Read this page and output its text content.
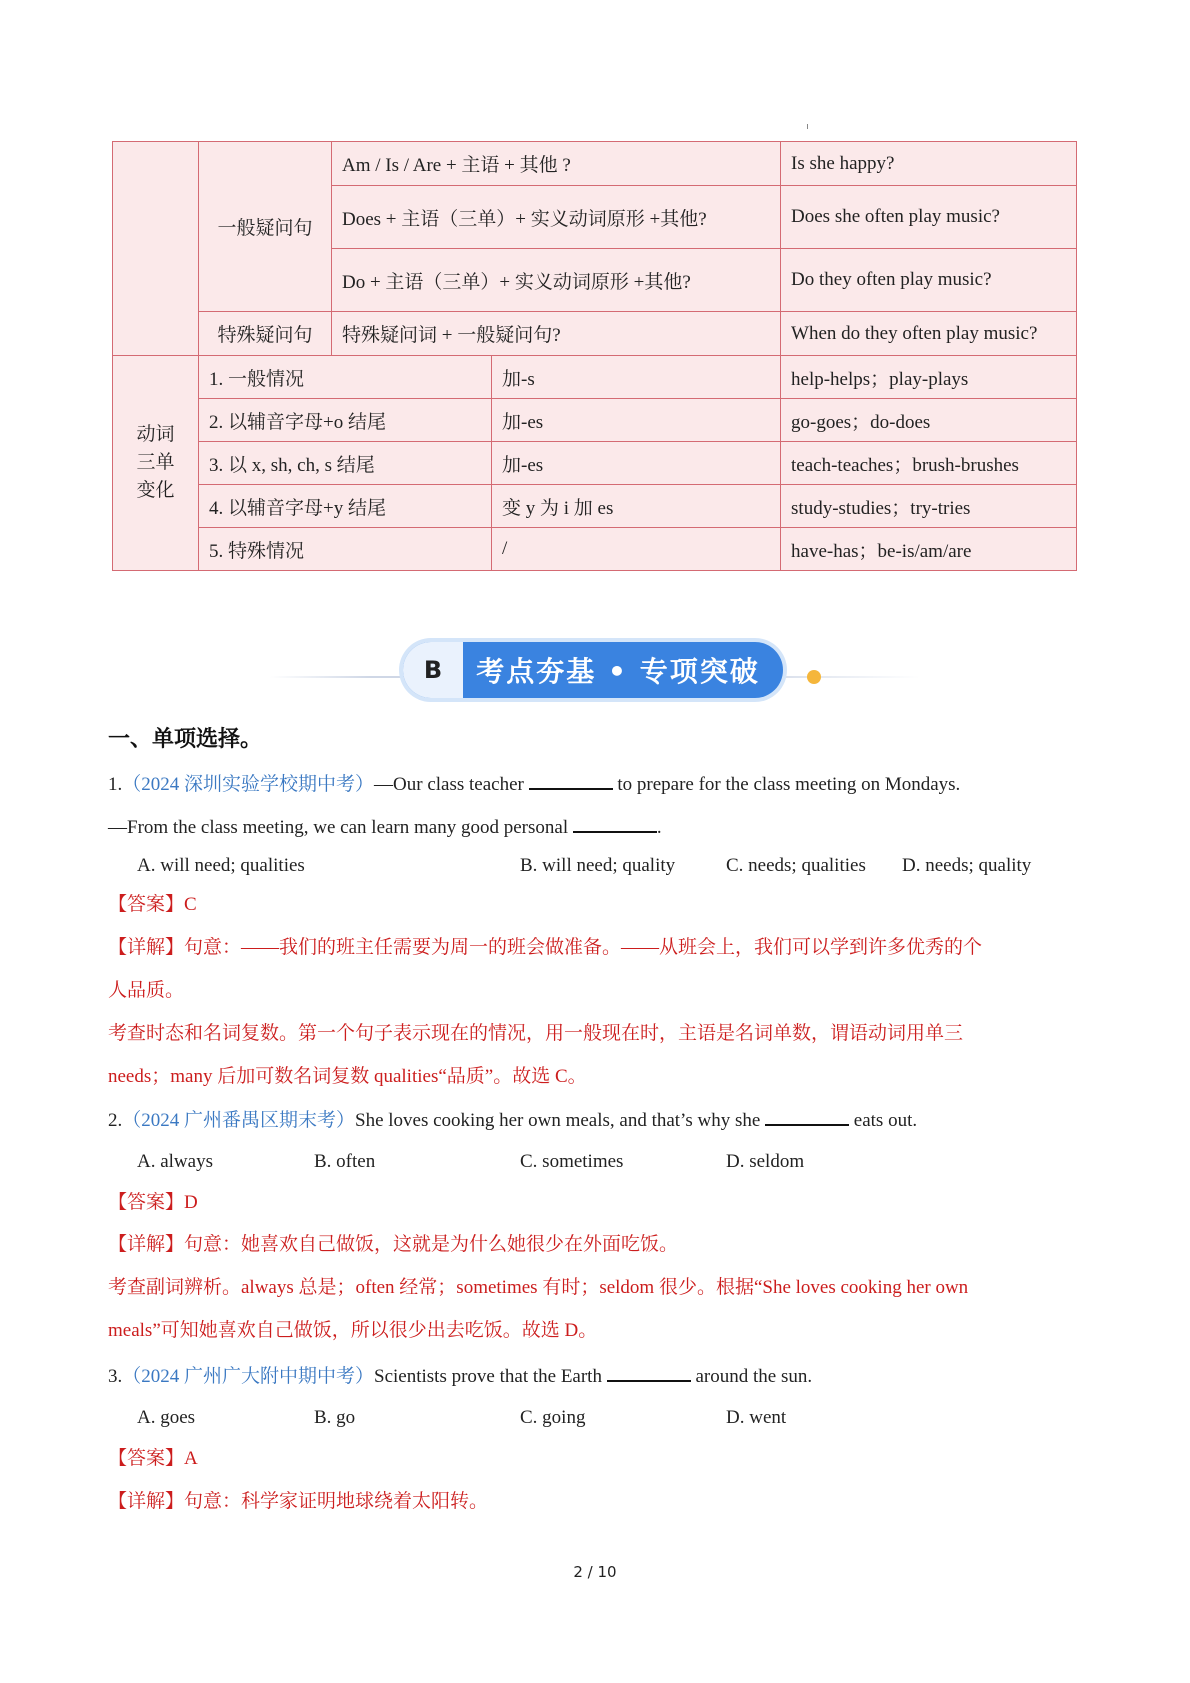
	一般疑问句	Am / Is / Are + 主语 + 其他 ?		Is she happy?
		Does + 主语（三单）+ 实义动词原形 +其他?		Does she often play music?
		Do + 主语（三单）+ 实义动词原形 +其他?		Do they often play music?
	特殊疑问句	特殊疑问词 + 一般疑问句?		When do they often play music?
动词三单变化	1. 一般情况		加-s	help-helps；play-plays
	2. 以辅音字母+o 结尾		加-es	go-goes；do-does
	3. 以 x, sh, ch, s 结尾		加-es	teach-teaches；brush-brushes
	4. 以辅音字母+y 结尾		变 y 为 i 加 es	study-studies；try-tries
	5. 特殊情况		/	have-has；be-is/am/are
B	考点夯基 • 专项突破
一、单项选择。
1.（2024 深圳实验学校期中考）—Our class teacher	to prepare for the class meeting on Mondays.
—From the class meeting, we can learn many good personal	.
A. will need; qualities	B. will need; quality	C. needs; qualities D. needs; quality
【答案】C
【详解】句意：——我们的班主任需要为周一的班会做准备。——从班会上，我们可以学到许多优秀的个
人品质。
考查时态和名词复数。第一个句子表示现在的情况，用一般现在时，主语是名词单数，谓语动词用单三
needs；many 后加可数名词复数 qualities“品质”。故选 C。
2.（2024 广州番禺区期末考）She loves cooking her own meals, and that’s why she	eats out.
A. always	B. often	C. sometimes	D. seldom
【答案】D
【详解】句意：她喜欢自己做饭，这就是为什么她很少在外面吃饭。
考查副词辨析。always 总是；often 经常；sometimes 有时；seldom 很少。根据“She loves cooking her own
meals”可知她喜欢自己做饭，所以很少出去吃饭。故选 D。
3.（2024 广州广大附中期中考）Scientists prove that the Earth	around the sun.
A. goes	B. go	C. going	D. went
【答案】A
【详解】句意：科学家证明地球绕着太阳转。
2 / 10
